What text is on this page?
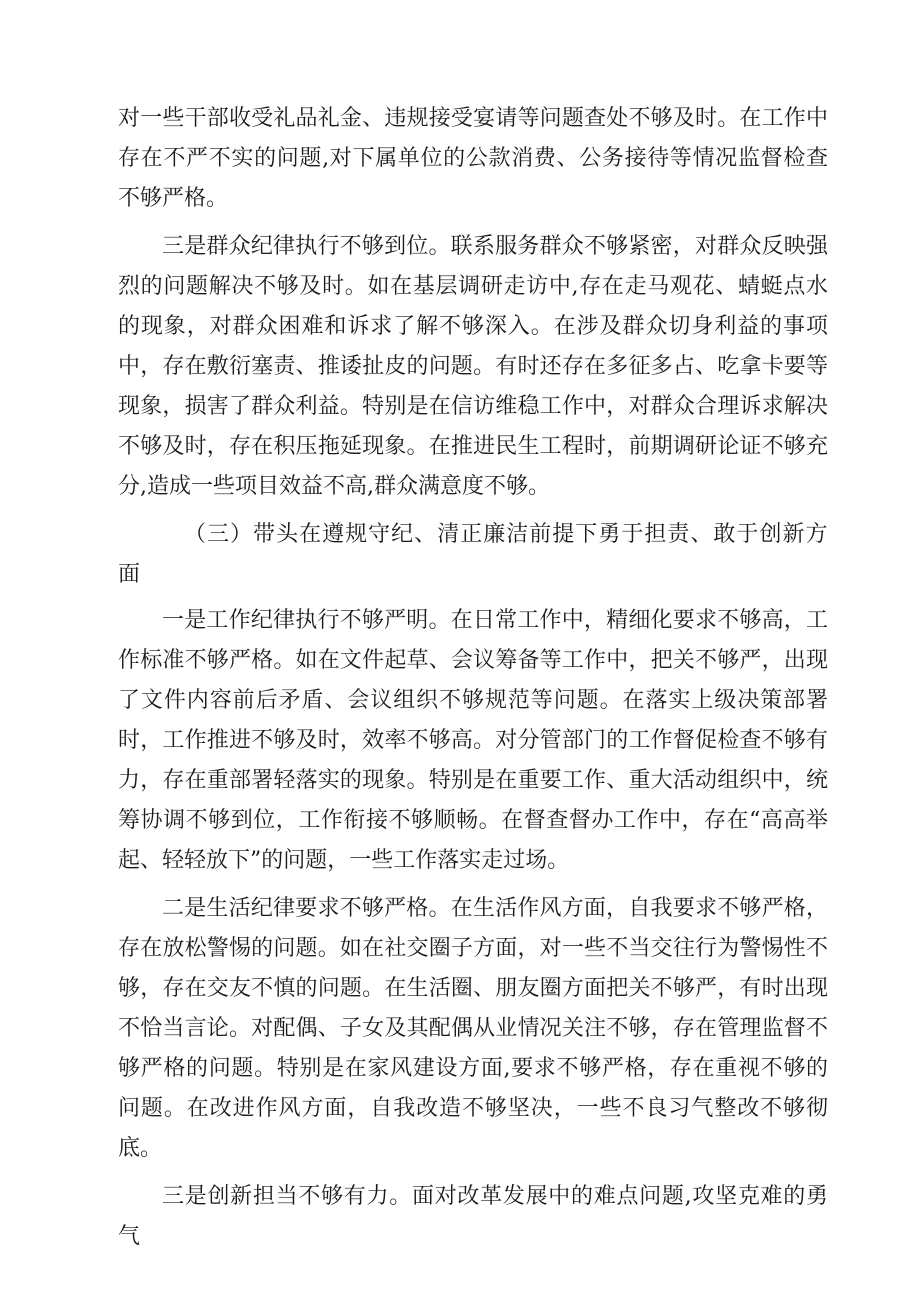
对一些干部收受礼品礼金、违规接受宴请等问题查处不够及时。在工作中存在不严不实的问题,对下属单位的公款消费、公务接待等情况监督检查不够严格。

三是群众纪律执行不够到位。联系服务群众不够紧密，对群众反映强烈的问题解决不够及时。如在基层调研走访中,存在走马观花、蜻蜓点水的现象，对群众困难和诉求了解不够深入。在涉及群众切身利益的事项中，存在敷衍塞责、推诿扯皮的问题。有时还存在多征多占、吃拿卡要等现象，损害了群众利益。特别是在信访维稳工作中，对群众合理诉求解决不够及时，存在积压拖延现象。在推进民生工程时，前期调研论证不够充分,造成一些项目效益不高,群众满意度不够。

（三）带头在遵规守纪、清正廉洁前提下勇于担责、敢于创新方面

一是工作纪律执行不够严明。在日常工作中，精细化要求不够高，工作标准不够严格。如在文件起草、会议筹备等工作中，把关不够严，出现了文件内容前后矛盾、会议组织不够规范等问题。在落实上级决策部署时，工作推进不够及时，效率不够高。对分管部门的工作督促检查不够有力，存在重部署轻落实的现象。特别是在重要工作、重大活动组织中，统筹协调不够到位，工作衔接不够顺畅。在督查督办工作中，存在“高高举起、轻轻放下”的问题，一些工作落实走过场。

二是生活纪律要求不够严格。在生活作风方面，自我要求不够严格，存在放松警惕的问题。如在社交圈子方面，对一些不当交往行为警惕性不够，存在交友不慎的问题。在生活圈、朋友圈方面把关不够严，有时出现不恰当言论。对配偶、子女及其配偶从业情况关注不够，存在管理监督不够严格的问题。特别是在家风建设方面,要求不够严格，存在重视不够的问题。在改进作风方面，自我改造不够坚决，一些不良习气整改不够彻底。

三是创新担当不够有力。面对改革发展中的难点问题,攻坚克难的勇气
